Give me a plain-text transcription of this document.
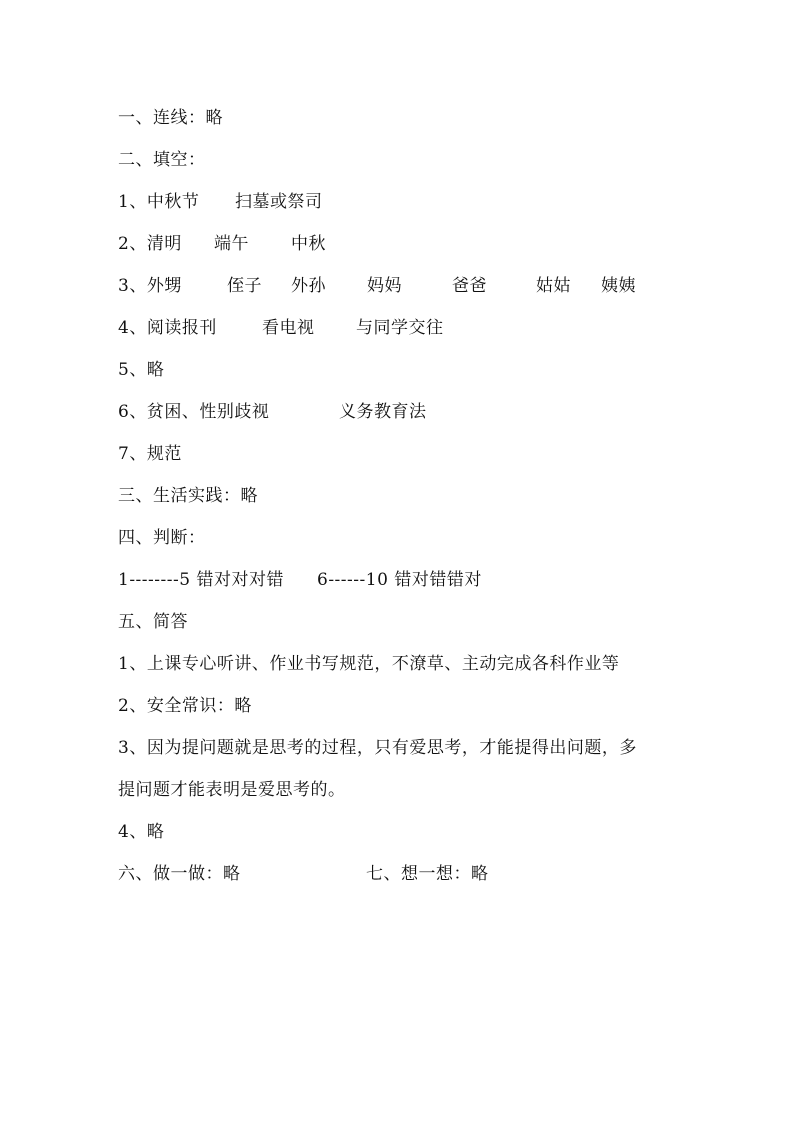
一、连线：略
二、填空：
1、中秋节 扫墓或祭司
2、清明 端午 中秋
3、外甥	侄子 外孙 妈妈	爸爸	姑姑 姨姨
4、阅读报刊	看电视 与同学交往
5、略
6、贫困、性别歧视	义务教育法
7、规范
三、生活实践：略
四、判断：
1--------5 错对对对错 6------10 错对错错对
五、简答
1、上课专心听讲、作业书写规范，不潦草、主动完成各科作业等
2、安全常识：略
3、因为提问题就是思考的过程，只有爱思考，才能提得出问题，多
提问题才能表明是爱思考的。
4、略
六、做一做：略	七、想一想：略
